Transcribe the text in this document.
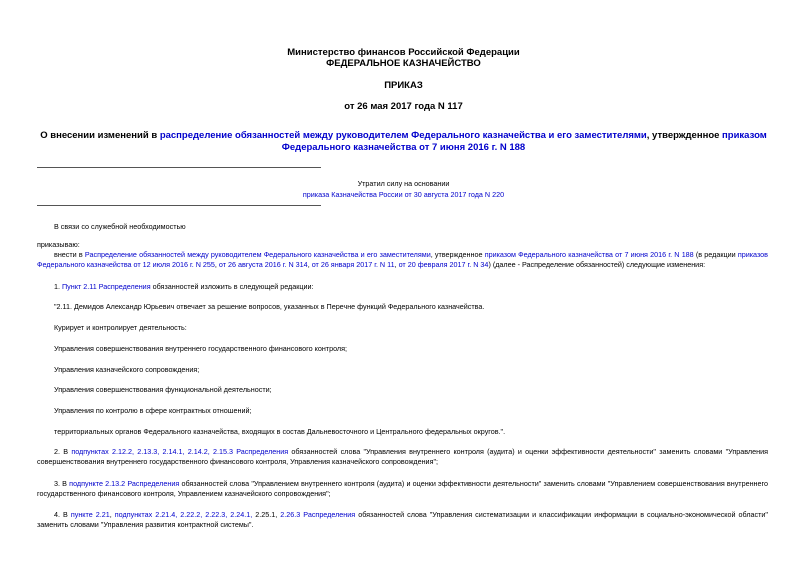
Министерство финансов Российской Федерации
ФЕДЕРАЛЬНОЕ КАЗНАЧЕЙСТВО
ПРИКАЗ
от 26 мая 2017 года N 117
О внесении изменений в распределение обязанностей между руководителем Федерального казначейства и его заместителями, утвержденное приказом
Федерального казначейства от 7 июня 2016 г. N 188
Утратил силу на основании
приказа Казначейства России от 30 августа 2017 года N 220
В связи со служебной необходимостью
приказываю:
внести в Распределение обязанностей между руководителем Федерального казначейства и его заместителями, утвержденное приказом Федерального казначейства от 7 июня 2016 г. N 188 (в редакции приказов Федерального казначейства от 12 июля 2016 г. N 255, от 26 августа 2016 г. N 314, от 26 января 2017 г. N 11, от 20 февраля 2017 г. N 34) (далее - Распределение обязанностей) следующие изменения:
1. Пункт 2.11 Распределения обязанностей изложить в следующей редакции:
"2.11. Демидов Александр Юрьевич отвечает за решение вопросов, указанных в Перечне функций Федерального казначейства.
Курирует и контролирует деятельность:
Управления совершенствования внутреннего государственного финансового контроля;
Управления казначейского сопровождения;
Управления совершенствования функциональной деятельности;
Управления по контролю в сфере контрактных отношений;
территориальных органов Федерального казначейства, входящих в состав Дальневосточного и Центрального федеральных округов.".
2. В подпунктах 2.12.2, 2.13.3, 2.14.1, 2.14.2, 2.15.3 Распределения обязанностей слова "Управления внутреннего контроля (аудита) и оценки эффективности деятельности" заменить словами "Управления совершенствования внутреннего государственного финансового контроля, Управления казначейского сопровождения";
3. В подпункте 2.13.2 Распределения обязанностей слова "Управлением внутреннего контроля (аудита) и оценки эффективности деятельности" заменить словами "Управлением совершенствования внутреннего государственного финансового контроля, Управлением казначейского сопровождения";
4. В пункте 2.21, подпунктах 2.21.4, 2.22.2, 2.22.3, 2.24.1, 2.25.1, 2.26.3 Распределения обязанностей слова "Управления систематизации и классификации информации в социально-экономической области" заменить словами "Управления развития контрактной системы".
